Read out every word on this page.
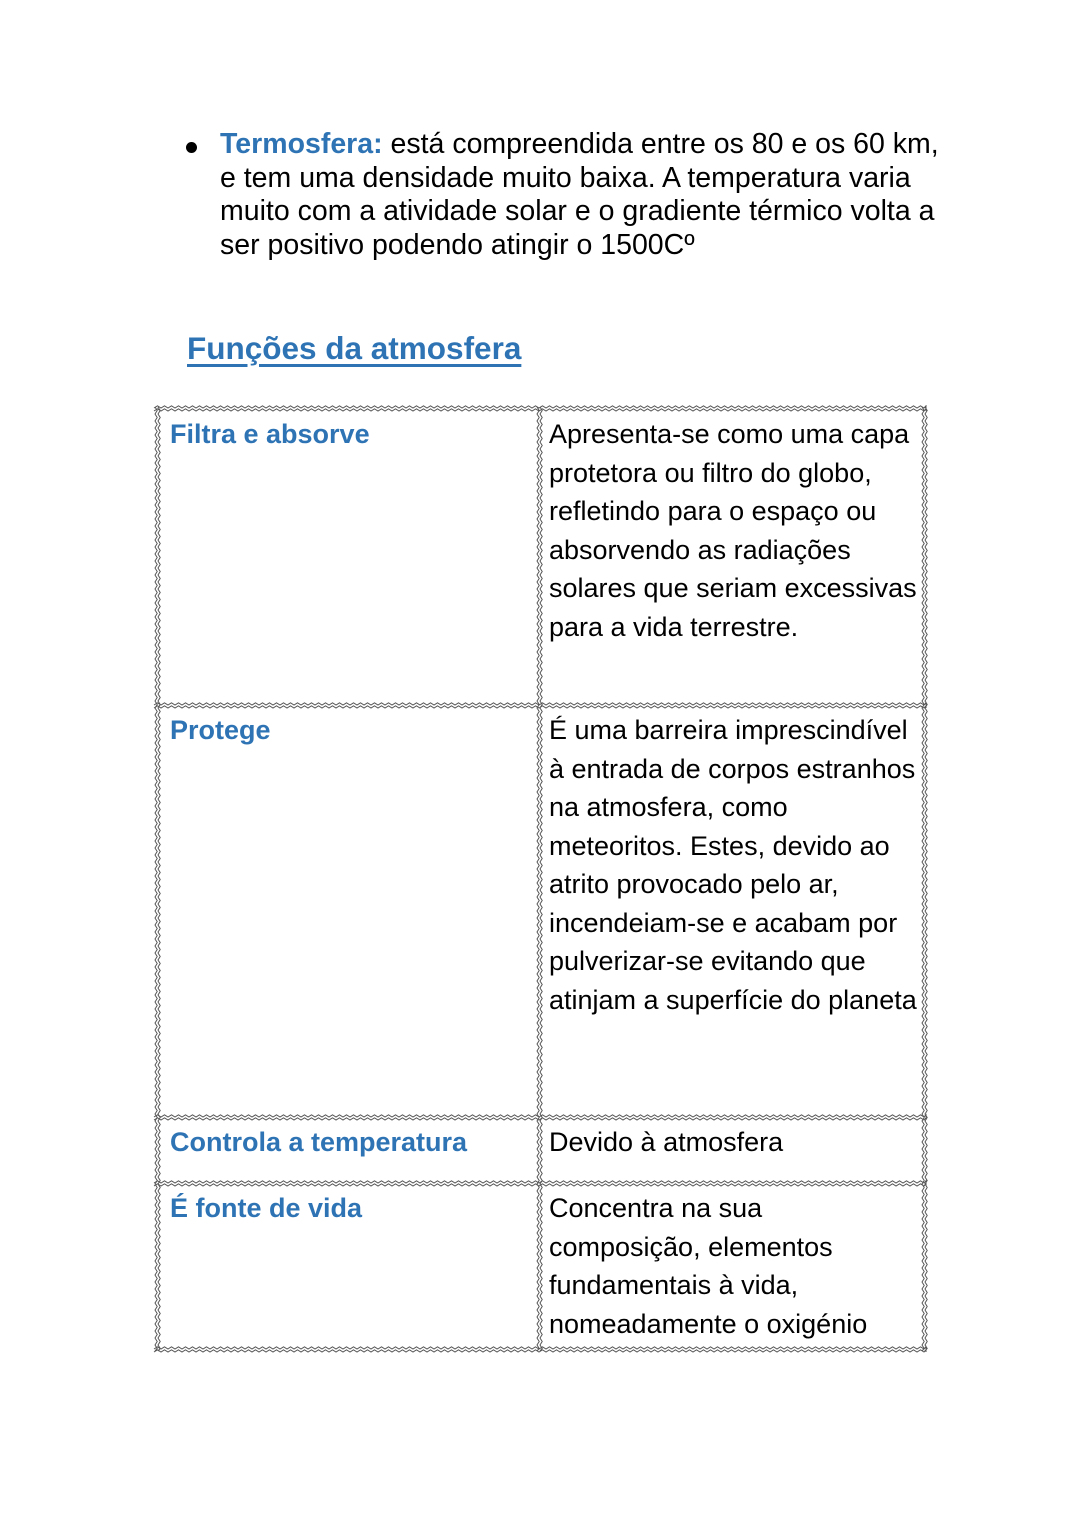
Termosfera: está compreendida entre os 80 e os 60 km, e tem uma densidade muito baixa. A temperatura varia muito com a atividade solar e o gradiente térmico volta a ser positivo podendo atingir o 1500Cº
Funções da atmosfera
Filtra e absorve	Apresenta-se como uma capa protetora ou filtro do globo, refletindo para o espaço ou absorvendo as radiações solares que seriam excessivas para a vida terrestre.
Protege	É uma barreira imprescindível à entrada de corpos estranhos na atmosfera, como meteoritos. Estes, devido ao atrito provocado pelo ar, incendeiam-se e acabam por pulverizar-se evitando que atinjam a superfície do planeta
Controla a temperatura	Devido à atmosfera
É fonte de vida	Concentra na sua composição, elementos fundamentais à vida, nomeadamente o oxigénio
